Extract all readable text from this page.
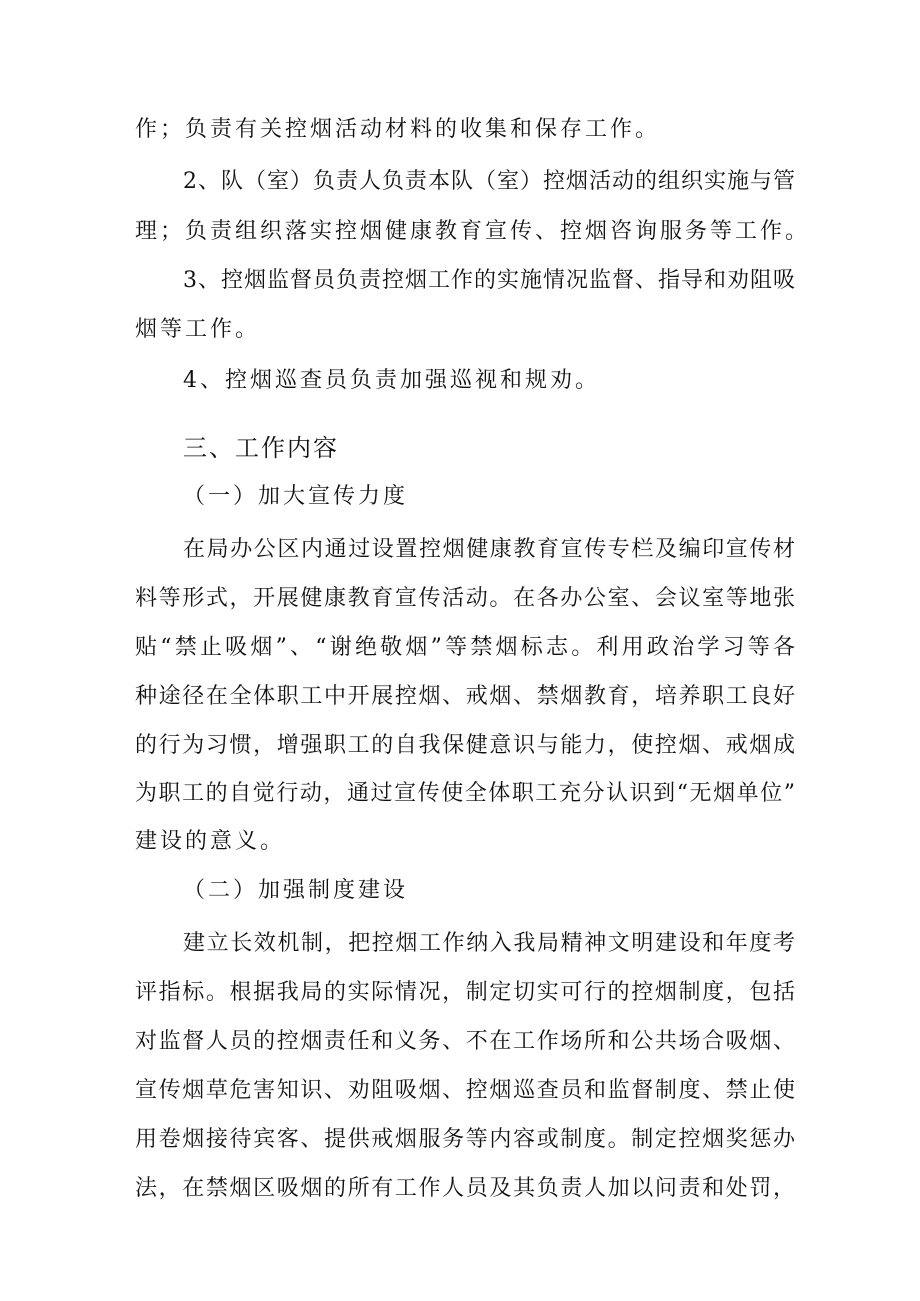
作；负责有关控烟活动材料的收集和保存工作。
2、队（室）负责人负责本队（室）控烟活动的组织实施与管
理；负责组织落实控烟健康教育宣传、控烟咨询服务等工作。
3、控烟监督员负责控烟工作的实施情况监督、指导和劝阻吸
烟等工作。
4、控烟巡查员负责加强巡视和规劝。
三、工作内容
（一）加大宣传力度
在局办公区内通过设置控烟健康教育宣传专栏及编印宣传材
料等形式，开展健康教育宣传活动。在各办公室、会议室等地张
贴“禁止吸烟”、“谢绝敬烟”等禁烟标志。利用政治学习等各
种途径在全体职工中开展控烟、戒烟、禁烟教育，培养职工良好
的行为习惯，增强职工的自我保健意识与能力，使控烟、戒烟成
为职工的自觉行动，通过宣传使全体职工充分认识到“无烟单位”
建设的意义。
（二）加强制度建设
建立长效机制，把控烟工作纳入我局精神文明建设和年度考
评指标。根据我局的实际情况，制定切实可行的控烟制度，包括
对监督人员的控烟责任和义务、不在工作场所和公共场合吸烟、
宣传烟草危害知识、劝阻吸烟、控烟巡查员和监督制度、禁止使
用卷烟接待宾客、提供戒烟服务等内容或制度。制定控烟奖惩办
法，在禁烟区吸烟的所有工作人员及其负责人加以问责和处罚，
